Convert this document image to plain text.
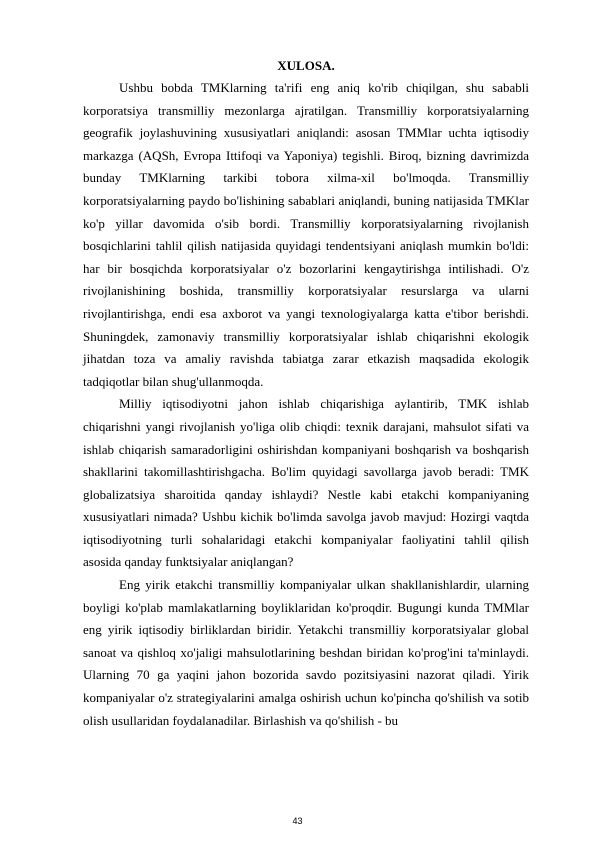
XULOSA.

Ushbu bobda TMKlarning ta'rifi eng aniq ko'rib chiqilgan, shu sababli korporatsiya transmilliy mezonlarga ajratilgan. Transmilliy korporatsiyalarning geografik joylashuvining xususiyatlari aniqlandi: asosan TMMlar uchta iqtisodiy markazga (AQSh, Evropa Ittifoqi va Yaponiya) tegishli. Biroq, bizning davrimizda bunday TMKlarning tarkibi tobora xilma-xil bo'lmoqda. Transmilliy korporatsiyalarning paydo bo'lishining sabablari aniqlandi, buning natijasida TMKlar ko'p yillar davomida o'sib bordi. Transmilliy korporatsiyalarning rivojlanish bosqichlarini tahlil qilish natijasida quyidagi tendentsiyani aniqlash mumkin bo'ldi: har bir bosqichda korporatsiyalar o'z bozorlarini kengaytirishga intilishadi. O'z rivojlanishining boshida, transmilliy korporatsiyalar resurslarga va ularni rivojlantirishga, endi esa axborot va yangi texnologiyalarga katta e'tibor berishdi. Shuningdek, zamonaviy transmilliy korporatsiyalar ishlab chiqarishni ekologik jihatdan toza va amaliy ravishda tabiatga zarar etkazish maqsadida ekologik tadqiqotlar bilan shug'ullanmoqda.

Milliy iqtisodiyotni jahon ishlab chiqarishiga aylantirib, TMK ishlab chiqarishni yangi rivojlanish yo'liga olib chiqdi: texnik darajani, mahsulot sifati va ishlab chiqarish samaradorligini oshirishdan kompaniyani boshqarish va boshqarish shakllarini takomillashtirishgacha. Bo'lim quyidagi savollarga javob beradi: TMK globalizatsiya sharoitida qanday ishlaydi? Nestle kabi etakchi kompaniyaning xususiyatlari nimada? Ushbu kichik bo'limda savolga javob mavjud: Hozirgi vaqtda iqtisodiyotning turli sohalaridagi etakchi kompaniyalar faoliyatini tahlil qilish asosida qanday funktsiyalar aniqlangan?

Eng yirik etakchi transmilliy kompaniyalar ulkan shakllanishlardir, ularning boyligi ko'plab mamlakatlarning boyliklaridan ko'proqdir. Bugungi kunda TMMlar eng yirik iqtisodiy birliklardan biridir. Yetakchi transmilliy korporatsiyalar global sanoat va qishloq xo'jaligi mahsulotlarining beshdan biridan ko'prog'ini ta'minlaydi. Ularning 70 ga yaqini jahon bozorida savdo pozitsiyasini nazorat qiladi. Yirik kompaniyalar o'z strategiyalarini amalga oshirish uchun ko'pincha qo'shilish va sotib olish usullaridan foydalanadilar. Birlashish va qo'shilish - bu

43
